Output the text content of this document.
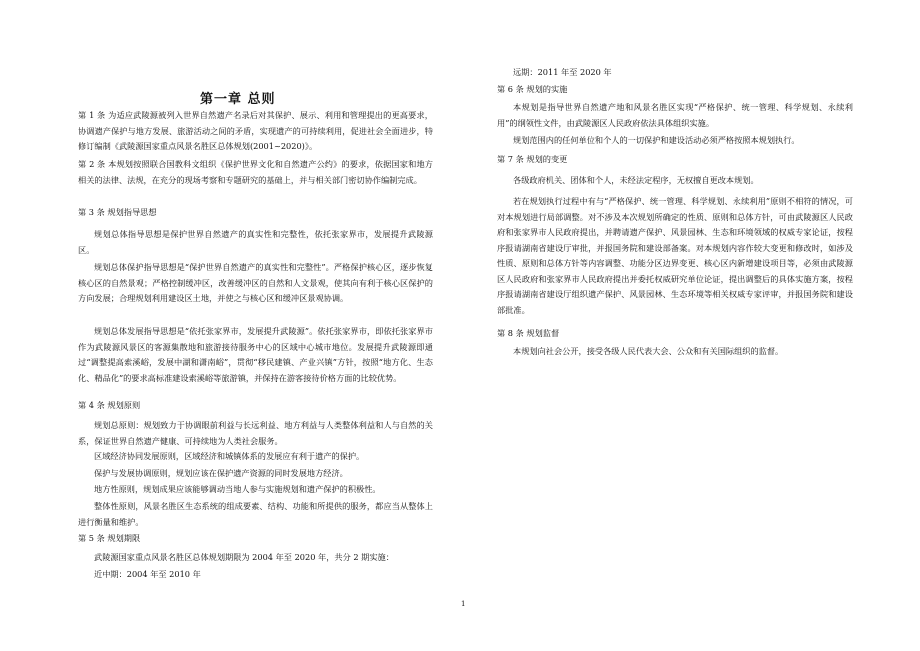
第一章 总则

第 1 条 为适应武陵源被列入世界自然遗产名录后对其保护、展示、利用和管理提出的更高要求，协调遗产保护与地方发展、旅游活动之间的矛盾，实现遗产的可持续利用，促进社会全面进步，特修订编制《武陵源国家重点风景名胜区总体规划(2001~2020)》。

第 2 条 本规划按照联合国教科文组织《保护世界文化和自然遗产公约》的要求，依据国家和地方相关的法律、法规，在充分的现场考察和专题研究的基础上，并与相关部门密切协作编制完成。

第 3 条 规划指导思想

规划总体指导思想是保护世界自然遗产的真实性和完整性，依托张家界市，发展提升武陵源区。

规划总体保护指导思想是“保护世界自然遗产的真实性和完整性”。严格保护核心区，逐步恢复核心区的自然景观；严格控制缓冲区，改善缓冲区的自然和人文景观，使其向有利于核心区保护的方向发展；合理规划利用建设区土地，并使之与核心区和缓冲区景观协调。

规划总体发展指导思想是“依托张家界市，发展提升武陵源”。依托张家界市，即依托张家界市作为武陵源风景区的客源集散地和旅游接待服务中心的区域中心城市地位。发展提升武陵源即通过“调整提高索溪峪，发展中湖和潇南峪”，贯彻“移民建镇、产业兴镇”方针，按照“地方化、生态化、精品化”的要求高标准建设索溪峪等旅游镇，并保持在游客接待价格方面的比较优势。

第 4 条 规划原则

规划总原则：规划致力于协调眼前利益与长远利益、地方利益与人类整体利益和人与自然的关系，保证世界自然遗产健康、可持续地为人类社会服务。

区域经济协同发展原则，区域经济和城镇体系的发展应有利于遗产的保护。

保护与发展协调原则，规划应该在保护遗产资源的同时发展地方经济。

地方性原则，规划成果应该能够调动当地人参与实施规划和遗产保护的积极性。

整体性原则，风景名胜区生态系统的组成要素、结构、功能和所提供的服务，都应当从整体上进行衡量和维护。

第 5 条 规划期限

武陵源国家重点风景名胜区总体规划期限为 2004 年至 2020 年，共分 2 期实施：

近中期：2004 年至 2010 年

远期：2011 年至 2020 年

第 6 条 规划的实施

本规划是指导世界自然遗产地和风景名胜区实现“严格保护、统一管理、科学规划、永续利用”的纲领性文件，由武陵源区人民政府依法具体组织实施。

规划范围内的任何单位和个人的一切保护和建设活动必须严格按照本规划执行。

第 7 条 规划的变更

各级政府机关、团体和个人，未经法定程序，无权擅自更改本规划。

若在规划执行过程中有与“严格保护、统一管理、科学规划、永续利用”原则不相符的情况，可对本规划进行局部调整。对不涉及本次规划所确定的性质、原则和总体方针，可由武陵源区人民政府和张家界市人民政府提出，并聘请遗产保护、风景园林、生态和环境领域的权威专家论证，按程序报请湖南省建设厅审批，并报国务院和建设部备案。对本规划内容作较大变更和修改时，如涉及性质、原则和总体方针等内容调整、功能分区边界变更、核心区内新增建设项目等，必须由武陵源区人民政府和张家界市人民政府提出并委托权威研究单位论证，提出调整后的具体实施方案，按程序报请湖南省建设厅组织遗产保护、风景园林、生态环境等相关权威专家评审，并报国务院和建设部批准。

第 8 条 规划监督

本规划向社会公开，接受各级人民代表大会、公众和有关国际组织的监督。

1
